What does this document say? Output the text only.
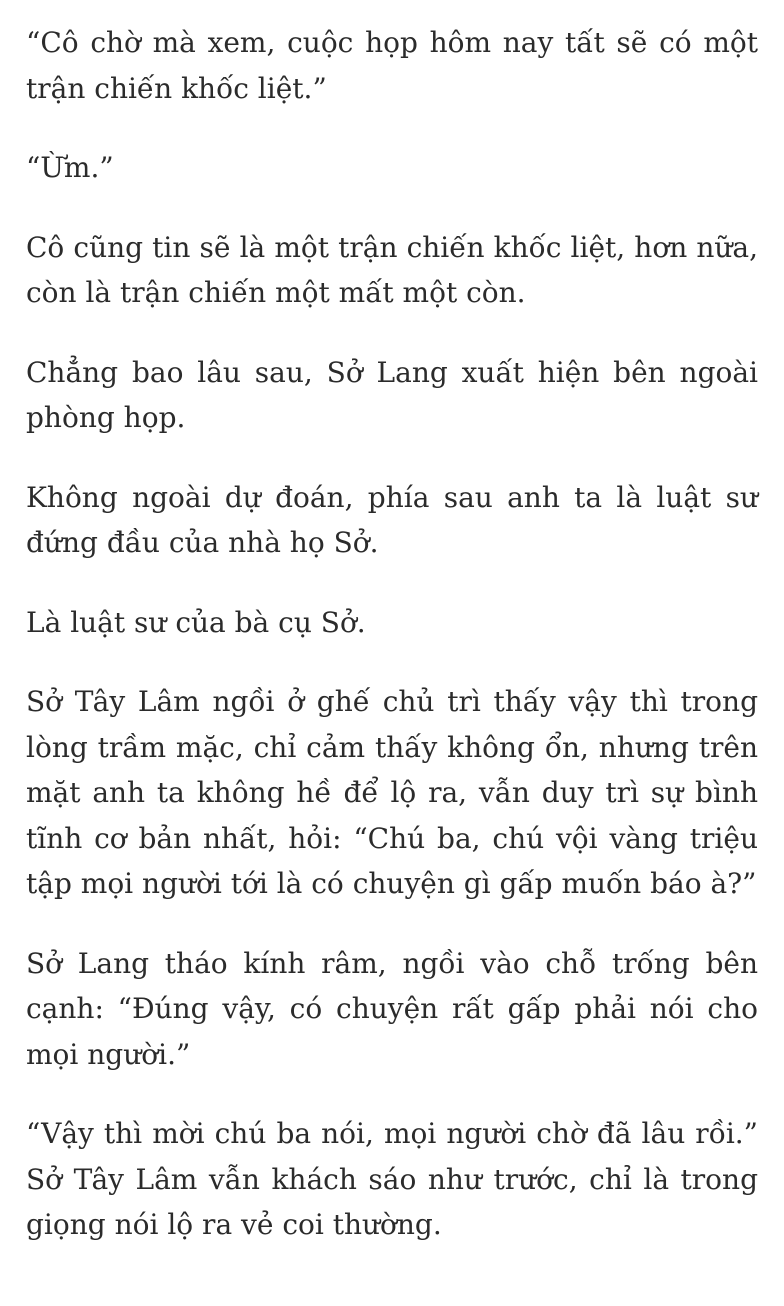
“Cô chờ mà xem, cuộc họp hôm nay tất sẽ có một trận chiến khốc liệt.”

“Ừm.”

Cô cũng tin sẽ là một trận chiến khốc liệt, hơn nữa, còn là trận chiến một mất một còn.

Chẳng bao lâu sau, Sở Lang xuất hiện bên ngoài phòng họp.

Không ngoài dự đoán, phía sau anh ta là luật sư đứng đầu của nhà họ Sở.

Là luật sư của bà cụ Sở.

Sở Tây Lâm ngồi ở ghế chủ trì thấy vậy thì trong lòng trầm mặc, chỉ cảm thấy không ổn, nhưng trên mặt anh ta không hề để lộ ra, vẫn duy trì sự bình tĩnh cơ bản nhất, hỏi: “Chú ba, chú vội vàng triệu tập mọi người tới là có chuyện gì gấp muốn báo à?”

Sở Lang tháo kính râm, ngồi vào chỗ trống bên cạnh: “Đúng vậy, có chuyện rất gấp phải nói cho mọi người.”

“Vậy thì mời chú ba nói, mọi người chờ đã lâu rồi.” Sở Tây Lâm vẫn khách sáo như trước, chỉ là trong giọng nói lộ ra vẻ coi thường.
